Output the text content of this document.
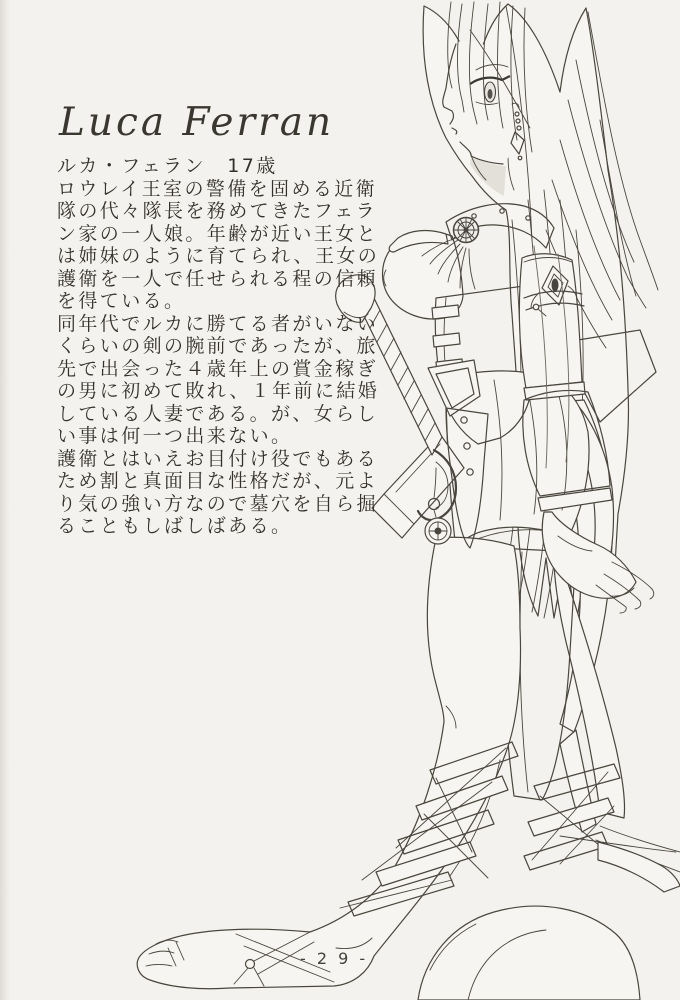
Luca Ferran
ルカ・フェラン　17歳
ロウレイ王室の警備を固める近衛
隊の代々隊長を務めてきたフェラ
ン家の一人娘。年齢が近い王女と
は姉妹のように育てられ、王女の
護衛を一人で任せられる程の信頼
を得ている。
同年代でルカに勝てる者がいない
くらいの剣の腕前であったが、旅
先で出会った４歳年上の賞金稼ぎ
の男に初めて敗れ、１年前に結婚
している人妻である。が、女らし
い事は何一つ出来ない。
護衛とはいえお目付け役でもある
ため割と真面目な性格だが、元よ
り気の強い方なので墓穴を自ら掘
ることもしばしばある。
- 2 9 -
